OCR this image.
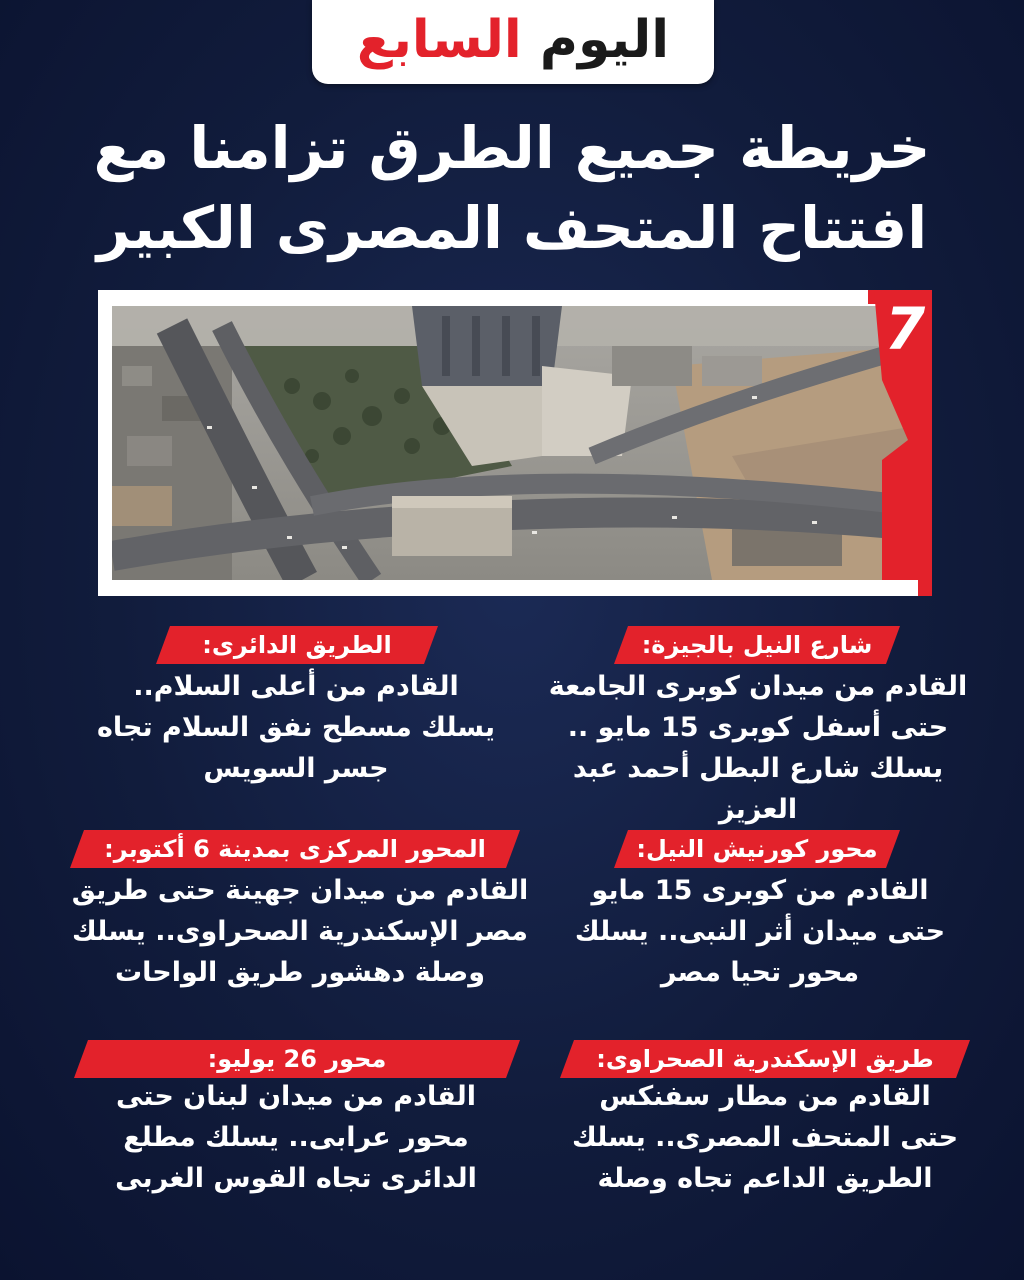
اليوم السابع
خريطة جميع الطرق تزامنا مع
افتتاح المتحف المصرى الكبير
7
شارع النيل بالجيزة:
القادم من ميدان كوبرى الجامعة حتى أسفل كوبرى 15 مايو .. يسلك شارع البطل أحمد عبد العزيز
محور كورنيش النيل:
القادم من كوبرى 15 مايو حتى ميدان أثر النبى.. يسلك محور تحيا مصر
طريق الإسكندرية الصحراوى:
القادم من مطار سفنكس حتى المتحف المصرى.. يسلك الطريق الداعم تجاه وصلة
الطريق الدائرى:
القادم من أعلى السلام.. يسلك مسطح نفق السلام تجاه جسر السويس
المحور المركزى بمدينة 6 أكتوبر:
القادم من ميدان جهينة حتى طريق مصر الإسكندرية الصحراوى.. يسلك وصلة دهشور طريق الواحات
محور 26 يوليو:
القادم من ميدان لبنان حتى محور عرابى.. يسلك مطلع الدائرى تجاه القوس الغربى
